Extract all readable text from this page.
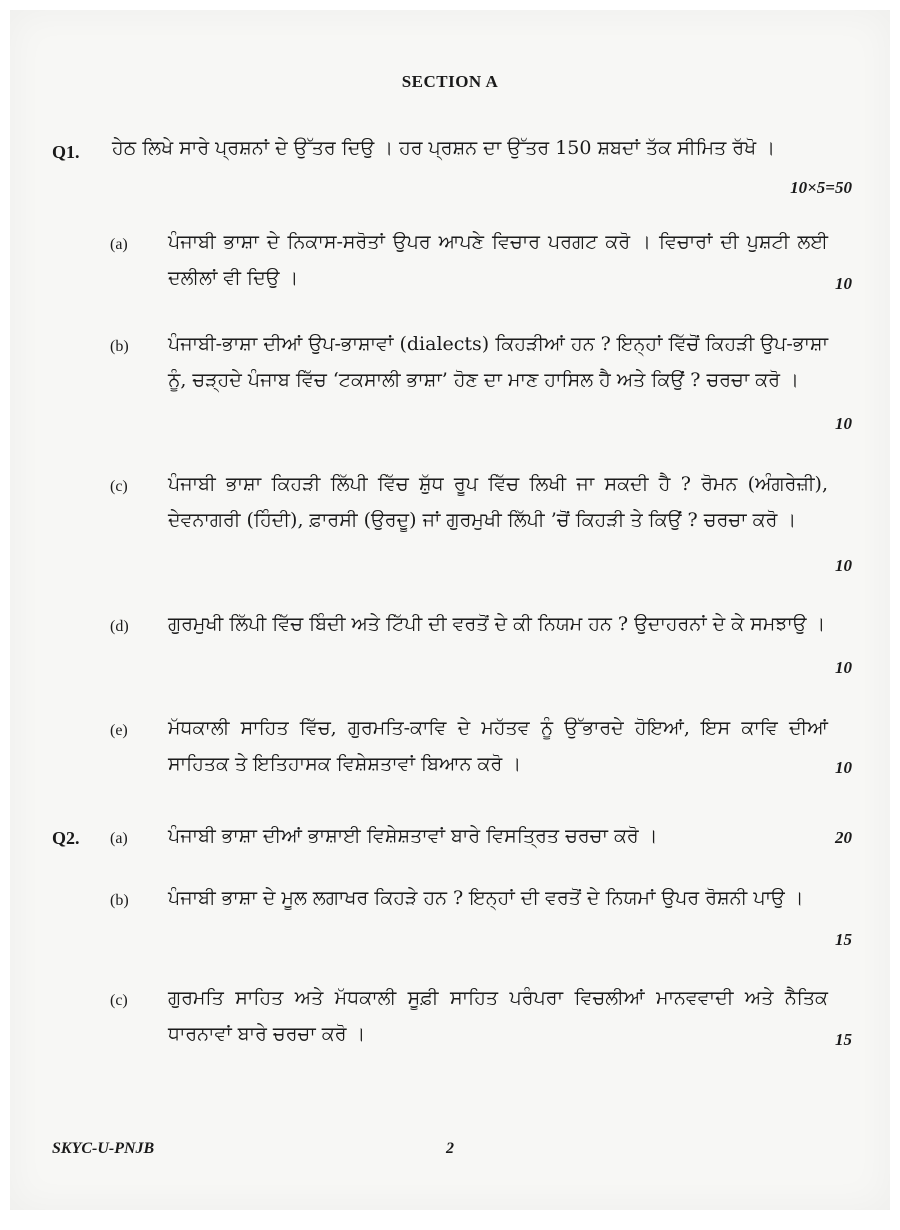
SECTION A
Q1. ਹੇਠ ਲਿਖੇ ਸਾਰੇ ਪ੍ਰਸ਼ਨਾਂ ਦੇ ਉੱਤਰ ਦਿਉ । ਹਰ ਪ੍ਰਸ਼ਨ ਦਾ ਉੱਤਰ 150 ਸ਼ਬਦਾਂ ਤੱਕ ਸੀਮਿਤ ਰੱਖੋ ।
10×5=50
(a) ਪੰਜਾਬੀ ਭਾਸ਼ਾ ਦੇ ਨਿਕਾਸ-ਸਰੋਤਾਂ ਉਪਰ ਆਪਣੇ ਵਿਚਾਰ ਪਰਗਟ ਕਰੋ । ਵਿਚਾਰਾਂ ਦੀ ਪੁਸ਼ਟੀ ਲਈ ਦਲੀਲਾਂ ਵੀ ਦਿਉ ।	10
(b) ਪੰਜਾਬੀ-ਭਾਸ਼ਾ ਦੀਆਂ ਉਪ-ਭਾਸ਼ਾਵਾਂ (dialects) ਕਿਹੜੀਆਂ ਹਨ ? ਇਨ੍ਹਾਂ ਵਿੱਚੋਂ ਕਿਹੜੀ ਉਪ-ਭਾਸ਼ਾ ਨੂੰ, ਚੜ੍ਹਦੇ ਪੰਜਾਬ ਵਿੱਚ ‘ਟਕਸਾਲੀ ਭਾਸ਼ਾ’ ਹੋਣ ਦਾ ਮਾਣ ਹਾਸਿਲ ਹੈ ਅਤੇ ਕਿਉਂ ? ਚਰਚਾ ਕਰੋ ।
10
(c) ਪੰਜਾਬੀ ਭਾਸ਼ਾ ਕਿਹੜੀ ਲਿੱਪੀ ਵਿੱਚ ਸ਼ੁੱਧ ਰੂਪ ਵਿੱਚ ਲਿਖੀ ਜਾ ਸਕਦੀ ਹੈ ? ਰੋਮਨ (ਅੰਗਰੇਜ਼ੀ), ਦੇਵਨਾਗਰੀ (ਹਿੰਦੀ), ਫ਼ਾਰਸੀ (ਉਰਦੂ) ਜਾਂ ਗੁਰਮੁਖੀ ਲਿੱਪੀ ’ਚੋਂ ਕਿਹੜੀ ਤੇ ਕਿਉਂ ? ਚਰਚਾ ਕਰੋ ।
10
(d) ਗੁਰਮੁਖੀ ਲਿੱਪੀ ਵਿੱਚ ਬਿੰਦੀ ਅਤੇ ਟਿੱਪੀ ਦੀ ਵਰਤੋਂ ਦੇ ਕੀ ਨਿਯਮ ਹਨ ? ਉਦਾਹਰਨਾਂ ਦੇ ਕੇ ਸਮਝਾਉ ।
10
(e) ਮੱਧਕਾਲੀ ਸਾਹਿਤ ਵਿੱਚ, ਗੁਰਮਤਿ-ਕਾਵਿ ਦੇ ਮਹੱਤਵ ਨੂੰ ਉੱਭਾਰਦੇ ਹੋਇਆਂ, ਇਸ ਕਾਵਿ ਦੀਆਂ ਸਾਹਿਤਕ ਤੇ ਇਤਿਹਾਸਕ ਵਿਸ਼ੇਸ਼ਤਾਵਾਂ ਬਿਆਨ ਕਰੋ ।	10
Q2. (a) ਪੰਜਾਬੀ ਭਾਸ਼ਾ ਦੀਆਂ ਭਾਸ਼ਾਈ ਵਿਸ਼ੇਸ਼ਤਾਵਾਂ ਬਾਰੇ ਵਿਸਤ੍ਰਿਤ ਚਰਚਾ ਕਰੋ ।	20
(b) ਪੰਜਾਬੀ ਭਾਸ਼ਾ ਦੇ ਮੂਲ ਲਗਾਖਰ ਕਿਹੜੇ ਹਨ ? ਇਨ੍ਹਾਂ ਦੀ ਵਰਤੋਂ ਦੇ ਨਿਯਮਾਂ ਉਪਰ ਰੋਸ਼ਨੀ ਪਾਉ ।
15
(c) ਗੁਰਮਤਿ ਸਾਹਿਤ ਅਤੇ ਮੱਧਕਾਲੀ ਸੂਫ਼ੀ ਸਾਹਿਤ ਪਰੰਪਰਾ ਵਿਚਲੀਆਂ ਮਾਨਵਵਾਦੀ ਅਤੇ ਨੈਤਿਕ ਧਾਰਨਾਵਾਂ ਬਾਰੇ ਚਰਚਾ ਕਰੋ ।	15
SKYC-U-PNJB	2
